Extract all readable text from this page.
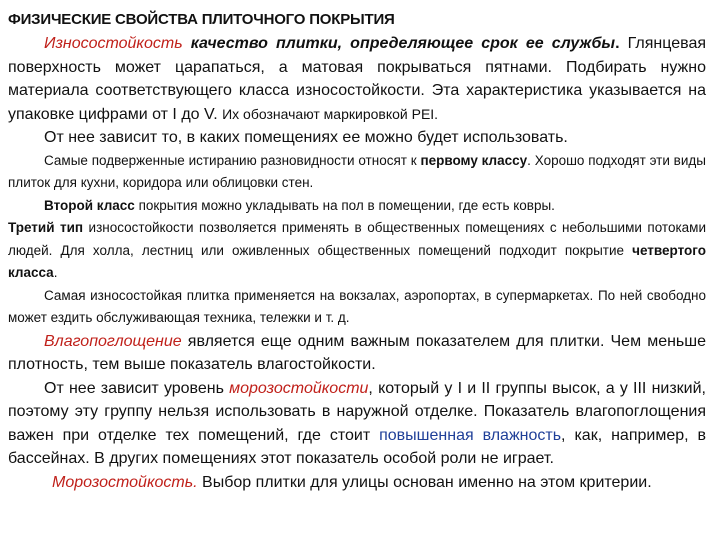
ФИЗИЧЕСКИЕ СВОЙСТВА ПЛИТОЧНОГО ПОКРЫТИЯ

Износостойкость качество плитки, определяющее срок ее службы. Глянцевая поверхность может царапаться, а матовая покрываться пятнами. Подбирать нужно материала соответствующего класса износостойкости. Эта характеристика указывается на упаковке цифрами от I до V. Их обозначают маркировкой PEI.

От нее зависит то, в каких помещениях ее можно будет использовать.

Самые подверженные истиранию разновидности относят к первому классу. Хорошо подходят эти виды плиток для кухни, коридора или облицовки стен.

Второй класс покрытия можно укладывать на пол в помещении, где есть ковры.

Третий тип износостойкости позволяется применять в общественных помещениях с небольшими потоками людей. Для холла, лестниц или оживленных общественных помещений подходит покрытие четвертого класса.

Самая износостойкая плитка применяется на вокзалах, аэропортах, в супермаркетах. По ней свободно может ездить обслуживающая техника, тележки и т. д.

Влагопоглощение является еще одним важным показателем для плитки. Чем меньше плотность, тем выше показатель влагостойкости.

От нее зависит уровень морозостойкости, который у I и II группы высок, а у III низкий, поэтому эту группу нельзя использовать в наружной отделке. Показатель влагопоглощения важен при отделке тех помещений, где стоит повышенная влажность, как, например, в бассейнах. В других помещениях этот показатель особой роли не играет.

Морозостойкость. Выбор плитки для улицы основан именно на этом критерии.
